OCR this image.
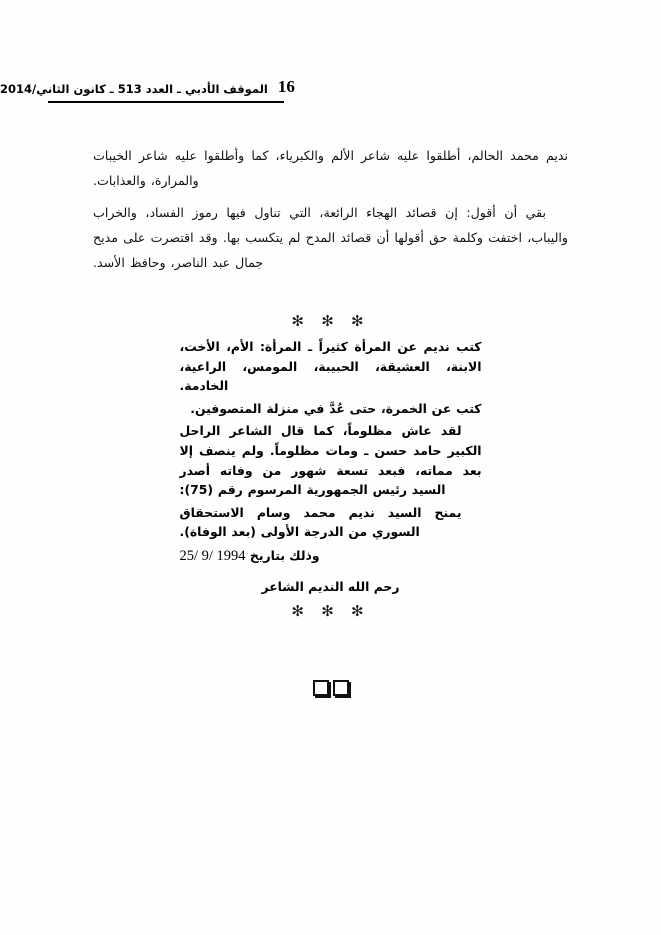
16
الموقف الأدبي ـ العدد 513 ـ كانون الثاني/2014

نديم محمد الحالم، أطلقوا عليه شاعر الألم والكبرياء، كما وأطلقوا عليه شاعر الخيبات والمرارة، والعذابات.

بقي أن أقول: إن قصائد الهجاء الرائعة، التي تناول فيها رموز الفساد، والخراب واليباب، اختفت وكلمة حق أقولها أن قصائد المدح لم يتكسب بها. وقد اقتصرت على مديح جمال عبد الناصر، وحافظ الأسد.

✻ ✻ ✻

كتب نديم عن المرأة كثيراً ـ المرأة: الأم، الأخت، الابنة، العشيقة، الحبيبة، المومس، الراعية، الخادمة.

كتب عن الخمرة، حتى عُدَّ في منزلة المتصوفين.

لقد عاش مظلوماً، كما قال الشاعر الراحل الكبير حامد حسن ـ ومات مظلوماً. ولم ينصف إلا بعد مماته، فبعد تسعة شهور من وفاته أصدر السيد رئيس الجمهورية المرسوم رقم (75):

يمنح السيد نديم محمد وسام الاستحقاق السوري من الدرجة الأولى (بعد الوفاة).

وذلك بتاريخ 25/ 9/ 1994

رحم الله النديم الشاعر

✻ ✻ ✻
